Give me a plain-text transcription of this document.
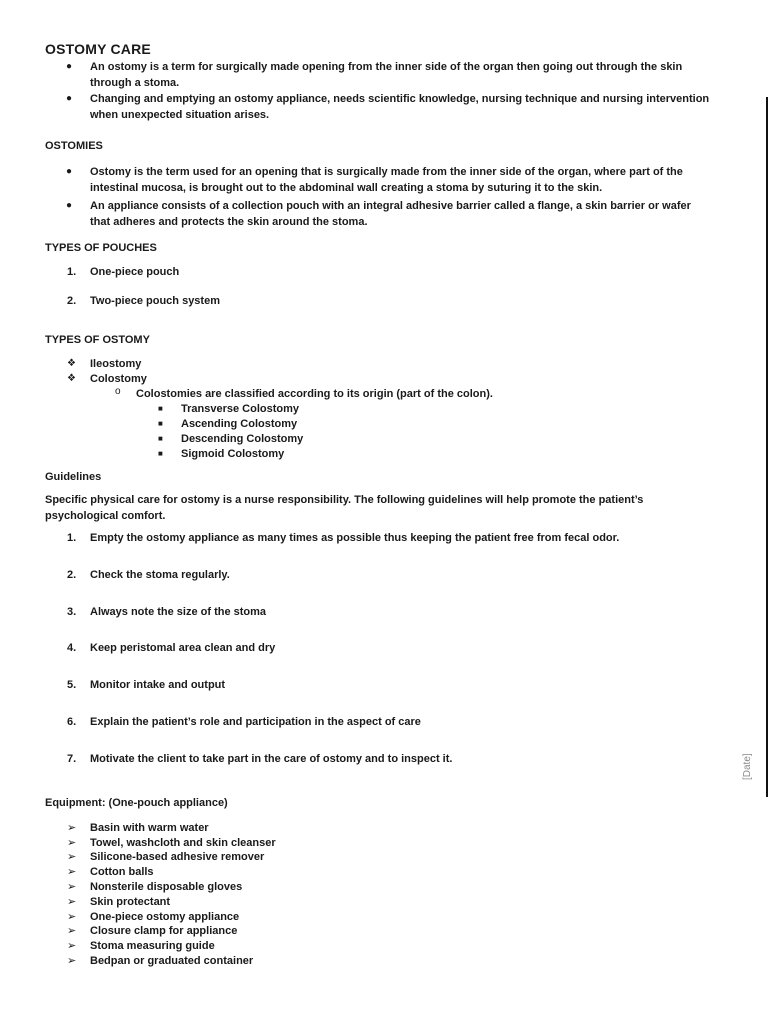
OSTOMY CARE
● An ostomy is a term for surgically made opening from the inner side of the organ then going out through the skin through a stoma.
● Changing and emptying an ostomy appliance, needs scientific knowledge, nursing technique and nursing intervention when unexpected situation arises.
OSTOMIES
● Ostomy is the term used for an opening that is surgically made from the inner side of the organ, where part of the intestinal mucosa, is brought out to the abdominal wall creating a stoma by suturing it to the skin.
● An appliance consists of a collection pouch with an integral adhesive barrier called a flange, a skin barrier or wafer that adheres and protects the skin around the stoma.
TYPES OF POUCHES
1. One-piece pouch
2. Two-piece pouch system
TYPES OF OSTOMY
❖ Ileostomy
❖ Colostomy
o Colostomies are classified according to its origin (part of the colon).
■ Transverse Colostomy
■ Ascending Colostomy
■ Descending Colostomy
■ Sigmoid Colostomy
Guidelines
Specific physical care for ostomy is a nurse responsibility. The following guidelines will help promote the patient’s psychological comfort.
1. Empty the ostomy appliance as many times as possible thus keeping the patient free from fecal odor.
2. Check the stoma regularly.
3. Always note the size of the stoma
4. Keep peristomal area clean and dry
5. Monitor intake and output
6. Explain the patient’s role and participation in the aspect of care
7. Motivate the client to take part in the care of ostomy and to inspect it.
Equipment: (One-pouch appliance)
➢ Basin with warm water
➢ Towel, washcloth and skin cleanser
➢ Silicone-based adhesive remover
➢ Cotton balls
➢ Nonsterile disposable gloves
➢ Skin protectant
➢ One-piece ostomy appliance
➢ Closure clamp for appliance
➢ Stoma measuring guide
➢ Bedpan or graduated container
[Date]
